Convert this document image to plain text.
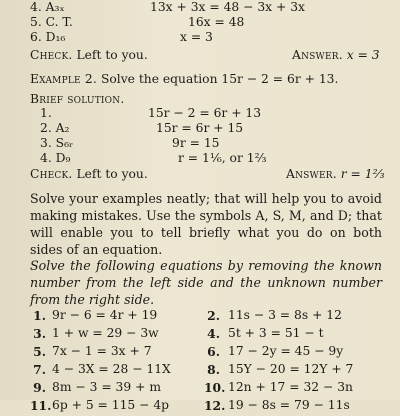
4. A₃ₓ	13x + 3x = 48 − 3x + 3x
5. C. T.	16x = 48
6. D₁₆	x = 3
Check. Left to you.	Answer. x = 3
Example 2. Solve the equation 15r − 2 = 6r + 13.
Brief solution.
1.	15r − 2 = 6r + 13
2. A₂	15r = 6r + 15
3. S₆ᵣ	9r = 15
4. D₉	r = 1⅙, or 1⅔
Check. Left to you.	Answer. r = 1⅔
Solve your examples neatly; that will help you to avoid making mistakes. Use the symbols A, S, M, and D; that will enable you to tell briefly what you do on both sides of an equation.
Solve the following equations by removing the known number from the left side and the unknown number from the right side.
1. 9r − 6 = 4r + 19	2. 11s − 3 = 8s + 12
3. 1 + w = 29 − 3w	4. 5t + 3 = 51 − t
5. 7x − 1 = 3x + 7	6. 17 − 2y = 45 − 9y
7. 4 − 3X = 28 − 11X	8. 15Y − 20 = 12Y + 7
9. 8m − 3 = 39 + m	10. 12n + 17 = 32 − 3n
11. 6p + 5 = 115 − 4p	12. 19 − 8s = 79 − 11s
